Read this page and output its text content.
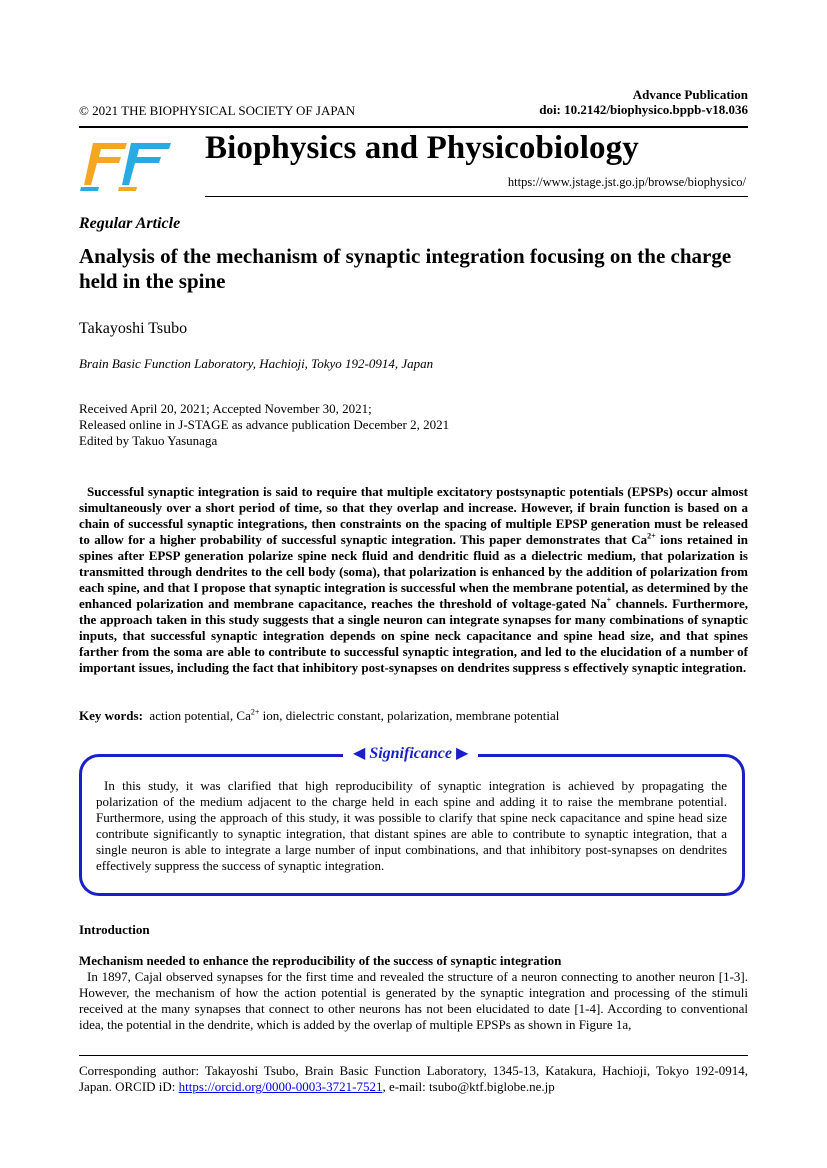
© 2021 THE BIOPHYSICAL SOCIETY OF JAPAN
Advance Publication
doi: 10.2142/biophysico.bppb-v18.036
Biophysics and Physicobiology
https://www.jstage.jst.go.jp/browse/biophysico/
Regular Article
Analysis of the mechanism of synaptic integration focusing on the charge held in the spine
Takayoshi Tsubo
Brain Basic Function Laboratory, Hachioji, Tokyo 192-0914, Japan
Received April 20, 2021; Accepted November 30, 2021;
Released online in J-STAGE as advance publication December 2, 2021
Edited by Takuo Yasunaga
Successful synaptic integration is said to require that multiple excitatory postsynaptic potentials (EPSPs) occur almost simultaneously over a short period of time, so that they overlap and increase. However, if brain function is based on a chain of successful synaptic integrations, then constraints on the spacing of multiple EPSP generation must be released to allow for a higher probability of successful synaptic integration. This paper demonstrates that $Ca^{2+}$ ions retained in spines after EPSP generation polarize spine neck fluid and dendritic fluid as a dielectric medium, that polarization is transmitted through dendrites to the cell body (soma), that polarization is enhanced by the addition of polarization from each spine, and that I propose that synaptic integration is successful when the membrane potential, as determined by the enhanced polarization and membrane capacitance, reaches the threshold of voltage-gated Na+ channels. Furthermore, the approach taken in this study suggests that a single neuron can integrate synapses for many combinations of synaptic inputs, that successful synaptic integration depends on spine neck capacitance and spine head size, and that spines farther from the soma are able to contribute to successful synaptic integration, and led to the elucidation of a number of important issues, including the fact that inhibitory post-synapses on dendrites suppress s effectively synaptic integration.
Key words: action potential, $Ca^{2+}$ ion, dielectric constant, polarization, membrane potential
◀ Significance ▶
In this study, it was clarified that high reproducibility of synaptic integration is achieved by propagating the polarization of the medium adjacent to the charge held in each spine and adding it to raise the membrane potential. Furthermore, using the approach of this study, it was possible to clarify that spine neck capacitance and spine head size contribute significantly to synaptic integration, that distant spines are able to contribute to synaptic integration, that a single neuron is able to integrate a large number of input combinations, and that inhibitory post-synapses on dendrites effectively suppress the success of synaptic integration.
Introduction
Mechanism needed to enhance the reproducibility of the success of synaptic integration
In 1897, Cajal observed synapses for the first time and revealed the structure of a neuron connecting to another neuron [1-3]. However, the mechanism of how the action potential is generated by the synaptic integration and processing of the stimuli received at the many synapses that connect to other neurons has not been elucidated to date [1-4]. According to conventional idea, the potential in the dendrite, which is added by the overlap of multiple EPSPs as shown in Figure 1a,
Corresponding author: Takayoshi Tsubo, Brain Basic Function Laboratory, 1345-13, Katakura, Hachioji, Tokyo 192-0914, Japan. ORCID iD: https://orcid.org/0000-0003-3721-7521, e-mail: tsubo@ktf.biglobe.ne.jp
